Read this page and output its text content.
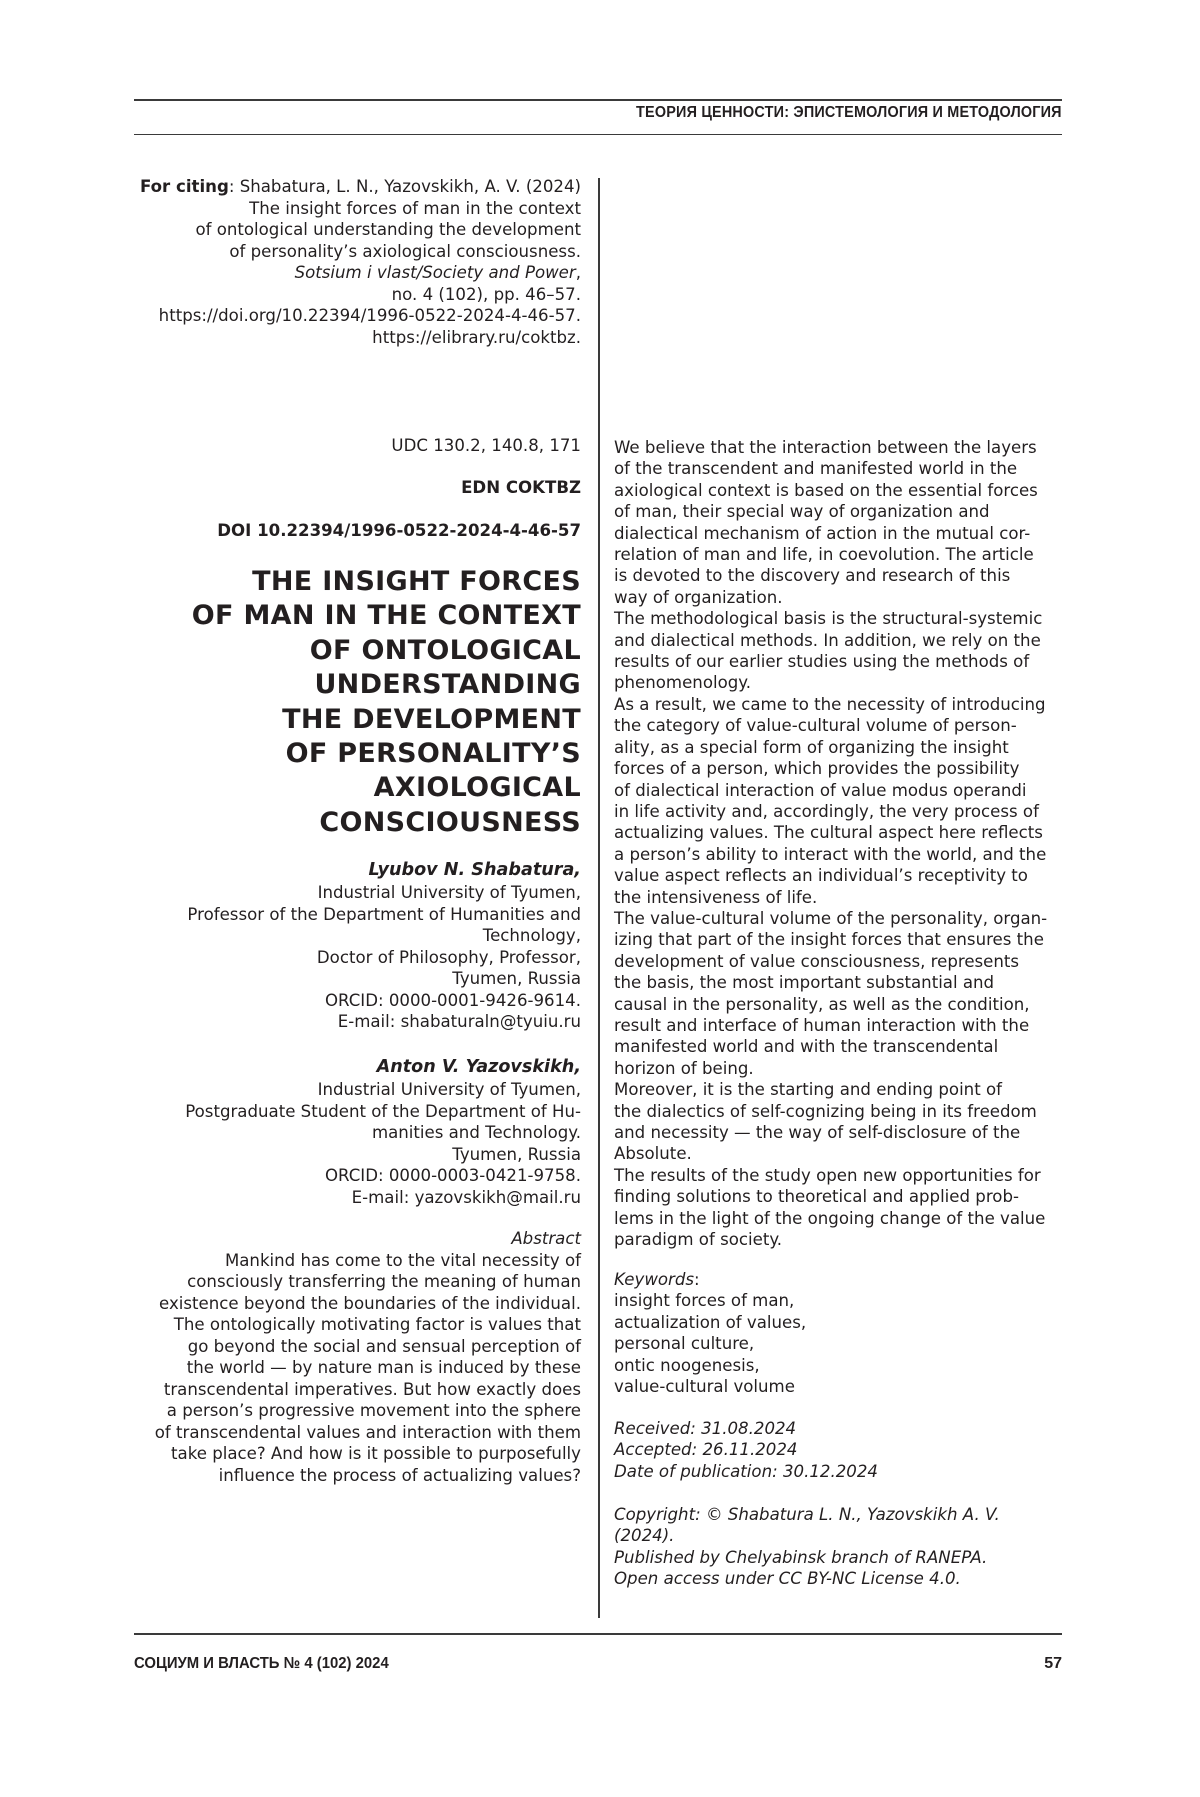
ТЕОРИЯ ЦЕННОСТИ: ЭПИСТЕМОЛОГИЯ И МЕТОДОЛОГИЯ
For citing: Shabatura, L. N., Yazovskikh, A. V. (2024)
The insight forces of man in the context
of ontological understanding the development
of personality’s axiological consciousness.
Sotsium i vlast/Society and Power,
no. 4 (102), pp. 46–57.
https://doi.org/10.22394/1996-0522-2024-4-46-57.
https://elibrary.ru/coktbz.
UDC 130.2, 140.8, 171
EDN COKTBZ
DOI 10.22394/1996-0522-2024-4-46-57
THE INSIGHT FORCES
OF MAN IN THE CONTEXT
OF ONTOLOGICAL
UNDERSTANDING
THE DEVELOPMENT
OF PERSONALITY’S
AXIOLOGICAL
CONSCIOUSNESS
Lyubov N. Shabatura,
Industrial University of Tyumen,
Professor of the Department of Humanities and
Technology,
Doctor of Philosophy, Professor,
Tyumen, Russia
ORCID: 0000-0001-9426-9614.
E-mail: shabaturaln@tyuiu.ru
Anton V. Yazovskikh,
Industrial University of Tyumen,
Postgraduate Student of the Department of Hu-
manities and Technology.
Tyumen, Russia
ORCID: 0000-0003-0421-9758.
E-mail: yazovskikh@mail.ru
Abstract
Mankind has come to the vital necessity of
consciously transferring the meaning of human
existence beyond the boundaries of the individual.
The ontologically motivating factor is values that
go beyond the social and sensual perception of
the world — by nature man is induced by these
transcendental imperatives. But how exactly does
a person’s progressive movement into the sphere
of transcendental values and interaction with them
take place? And how is it possible to purposefully
influence the process of actualizing values?
We believe that the interaction between the layers
of the transcendent and manifested world in the
axiological context is based on the essential forces
of man, their special way of organization and
dialectical mechanism of action in the mutual cor-
relation of man and life, in coevolution. The article
is devoted to the discovery and research of this
way of organization.
The methodological basis is the structural-systemic
and dialectical methods. In addition, we rely on the
results of our earlier studies using the methods of
phenomenology.
As a result, we came to the necessity of introducing
the category of value-cultural volume of person-
ality, as a special form of organizing the insight
forces of a person, which provides the possibility
of dialectical interaction of value modus operandi
in life activity and, accordingly, the very process of
actualizing values. The cultural aspect here reflects
a person’s ability to interact with the world, and the
value aspect reflects an individual’s receptivity to
the intensiveness of life.
The value-cultural volume of the personality, organ-
izing that part of the insight forces that ensures the
development of value consciousness, represents
the basis, the most important substantial and
causal in the personality, as well as the condition,
result and interface of human interaction with the
manifested world and with the transcendental
horizon of being.
Moreover, it is the starting and ending point of
the dialectics of self-cognizing being in its freedom
and necessity — the way of self-disclosure of the
Absolute.
The results of the study open new opportunities for
finding solutions to theoretical and applied prob-
lems in the light of the ongoing change of the value
paradigm of society.
Keywords:
insight forces of man,
actualization of values,
personal culture,
ontic noogenesis,
value-cultural volume
Received: 31.08.2024
Accepted: 26.11.2024
Date of publication: 30.12.2024
Copyright: © Shabatura L. N., Yazovskikh A. V. (2024).
Published by Chelyabinsk branch of RANEPA.
Open access under CC BY-NC License 4.0.
СОЦИУМ И ВЛАСТЬ № 4 (102) 2024	57
